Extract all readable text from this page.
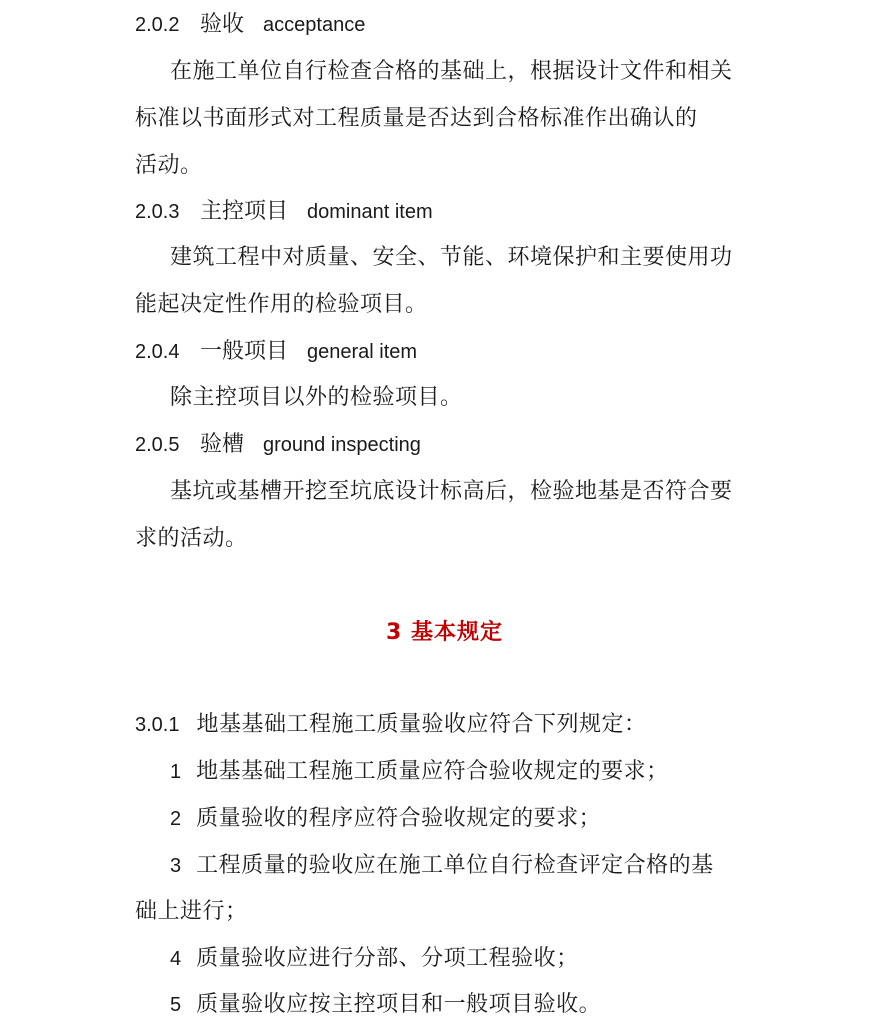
2.0.2 验收 acceptance
在施工单位自行检查合格的基础上，根据设计文件和相关
标准以书面形式对工程质量是否达到合格标准作出确认的
活动。
2.0.3 主控项目 dominant item
建筑工程中对质量、安全、节能、环境保护和主要使用功
能起决定性作用的检验项目。
2.0.4 一般项目 general item
除主控项目以外的检验项目。
2.0.5 验槽 ground inspecting
基坑或基槽开挖至坑底设计标高后，检验地基是否符合要
求的活动。
3 基本规定
3.0.1 地基基础工程施工质量验收应符合下列规定：
1 地基基础工程施工质量应符合验收规定的要求；
2 质量验收的程序应符合验收规定的要求；
3 工程质量的验收应在施工单位自行检查评定合格的基
础上进行；
4 质量验收应进行分部、分项工程验收；
5 质量验收应按主控项目和一般项目验收。
